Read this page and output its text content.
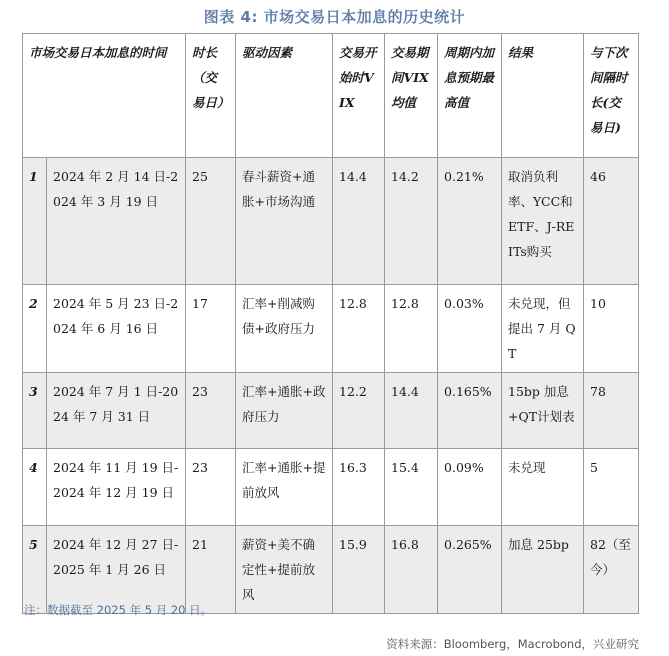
图表 4: 市场交易日本加息的历史统计
市场交易日本加息的时间		时长（交易日）	驱动因素	交易开始时VIX	交易期间VIX均值	周期内加息预期最高值	结果	与下次间隔时长(交易日)
1	2024 年 2 月 14 日-2024 年 3 月 19 日	25	春斗薪资+通胀+市场沟通	14.4	14.2	0.21%	取消负利率、YCC和ETF、J-REITs购买	46
2	2024 年 5 月 23 日-2024 年 6 月 16 日	17	汇率+削减购债+政府压力	12.8	12.8	0.03%	未兑现，但提出 7 月 QT	10
3	2024 年 7 月 1 日-2024 年 7 月 31 日	23	汇率+通胀+政府压力	12.2	14.4	0.165%	15bp 加息 +QT计划表	78
4	2024 年 11 月 19 日-2024 年 12 月 19 日	23	汇率+通胀+提前放风	16.3	15.4	0.09%	未兑现	5
5	2024 年 12 月 27 日-2025 年 1 月 26 日	21	薪资+美不确定性+提前放风	15.9	16.8	0.265%	加息 25bp	82（至今）
注：数据截至 2025 年 5 月 20 日。
资料来源：Bloomberg，Macrobond，兴业研究
